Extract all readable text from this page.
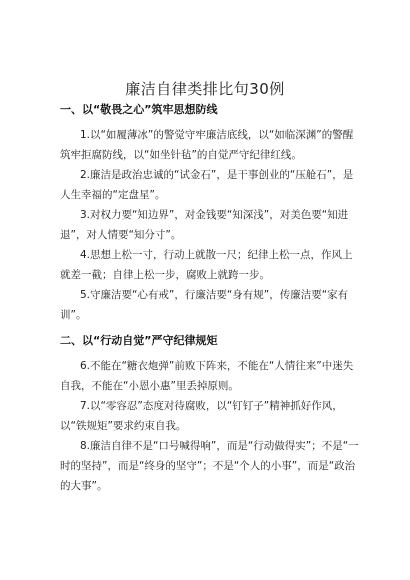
廉洁自律类排比句30例

一、以“敬畏之心”筑牢思想防线

1.以“如履薄冰”的警觉守牢廉洁底线，以“如临深渊”的警醒筑牢拒腐防线，以“如坐针毡”的自觉严守纪律红线。

2.廉洁是政治忠诚的“试金石”，是干事创业的“压舱石”，是人生幸福的“定盘星”。

3.对权力要“知边界”，对金钱要“知深浅”，对美色要“知进退”，对人情要“知分寸”。

4.思想上松一寸，行动上就散一尺；纪律上松一点，作风上就差一截；自律上松一步，腐败上就跨一步。

5.守廉洁要“心有戒”，行廉洁要“身有规”，传廉洁要“家有训”。

二、以“行动自觉”严守纪律规矩

6.不能在“糖衣炮弹”前败下阵来，不能在“人情往来”中迷失自我，不能在“小恩小惠”里丢掉原则。

7.以“零容忍”态度对待腐败，以“钉钉子”精神抓好作风，以“铁规矩”要求约束自我。

8.廉洁自律不是“口号喊得响”，而是“行动做得实”；不是“一时的坚持”，而是“终身的坚守”；不是“个人的小事”，而是“政治的大事”。
